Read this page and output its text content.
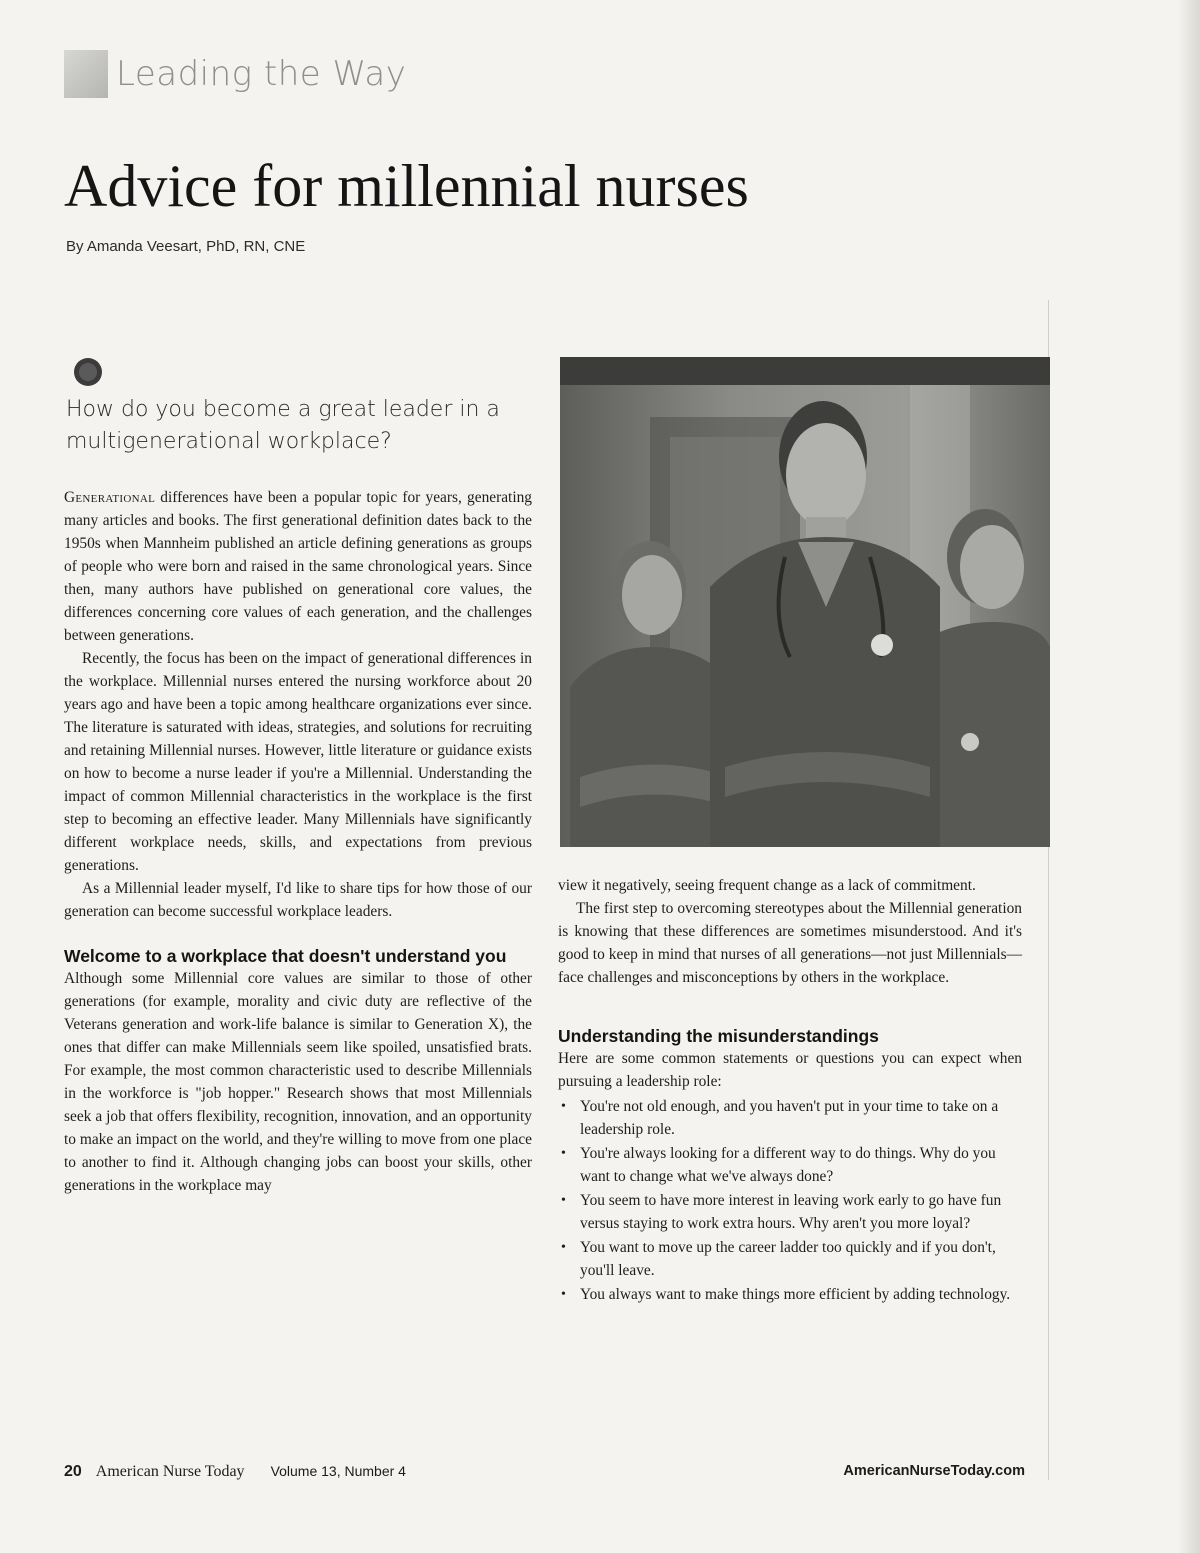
Leading the Way
Advice for millennial nurses
By Amanda Veesart, PhD, RN, CNE
How do you become a great leader in a multigenerational workplace?

Generational differences have been a popular topic for years, generating many articles and books. The first generational definition dates back to the 1950s when Mannheim published an article defining generations as groups of people who were born and raised in the same chronological years. Since then, many authors have published on generational core values, the differences concerning core values of each generation, and the challenges between generations.

Recently, the focus has been on the impact of generational differences in the workplace. Millennial nurses entered the nursing workforce about 20 years ago and have been a topic among healthcare organizations ever since. The literature is saturated with ideas, strategies, and solutions for recruiting and retaining Millennial nurses. However, little literature or guidance exists on how to become a nurse leader if you're a Millennial. Understanding the impact of common Millennial characteristics in the workplace is the first step to becoming an effective leader. Many Millennials have significantly different workplace needs, skills, and expectations from previous generations.

As a Millennial leader myself, I'd like to share tips for how those of our generation can become successful workplace leaders.

Welcome to a workplace that doesn't understand you

Although some Millennial core values are similar to those of other generations (for example, morality and civic duty are reflective of the Veterans generation and work-life balance is similar to Generation X), the ones that differ can make Millennials seem like spoiled, unsatisfied brats. For example, the most common characteristic used to describe Millennials in the workforce is "job hopper." Research shows that most Millennials seek a job that offers flexibility, recognition, innovation, and an opportunity to make an impact on the world, and they're willing to move from one place to another to find it. Although changing jobs can boost your skills, other generations in the workplace may

view it negatively, seeing frequent change as a lack of commitment.

The first step to overcoming stereotypes about the Millennial generation is knowing that these differences are sometimes misunderstood. And it's good to keep in mind that nurses of all generations—not just Millennials—face challenges and misconceptions by others in the workplace.

Understanding the misunderstandings

Here are some common statements or questions you can expect when pursuing a leadership role:

• You're not old enough, and you haven't put in your time to take on a leadership role.
• You're always looking for a different way to do things. Why do you want to change what we've always done?
• You seem to have more interest in leaving work early to go have fun versus staying to work extra hours. Why aren't you more loyal?
• You want to move up the career ladder too quickly and if you don't, you'll leave.
• You always want to make things more efficient by adding technology.
20 American Nurse Today Volume 13, Number 4	AmericanNurseToday.com
